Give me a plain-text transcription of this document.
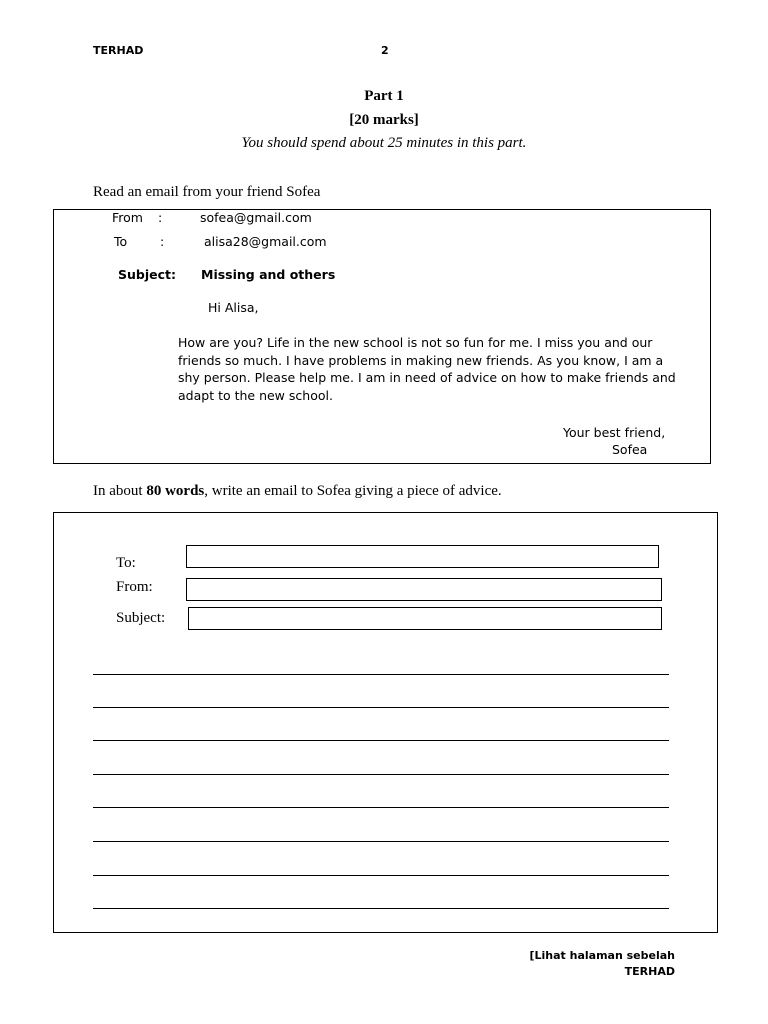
TERHAD	2
Part 1
[20 marks]
You should spend about 25 minutes in this part.
Read an email from your friend Sofea
From :	sofea@gmail.com
To	:	alisa28@gmail.com
Subject: Missing and others
Hi Alisa,
How are you? Life in the new school is not so fun for me. I miss you and our friends so much. I have problems in making new friends. As you know, I am a shy person. Please help me. I am in need of advice on how to make friends and adapt to the new school.
Your best friend,
Sofea
In about 80 words, write an email to Sofea giving a piece of advice.
To:
From:
Subject:
[Lihat halaman sebelah
TERHAD
